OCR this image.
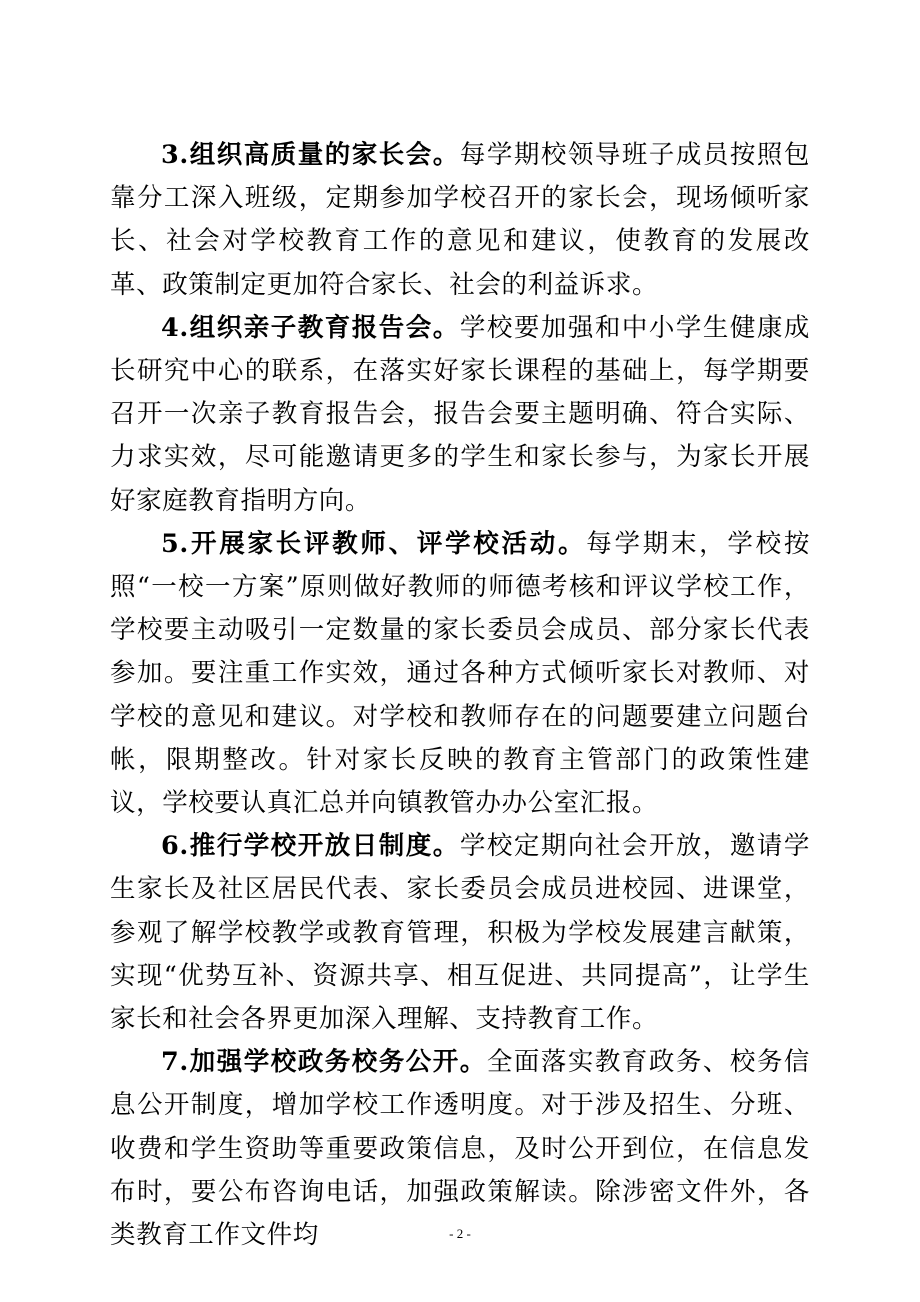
3.组织高质量的家长会。每学期校领导班子成员按照包靠分工深入班级，定期参加学校召开的家长会，现场倾听家长、社会对学校教育工作的意见和建议，使教育的发展改革、政策制定更加符合家长、社会的利益诉求。

4.组织亲子教育报告会。学校要加强和中小学生健康成长研究中心的联系，在落实好家长课程的基础上，每学期要召开一次亲子教育报告会，报告会要主题明确、符合实际、力求实效，尽可能邀请更多的学生和家长参与，为家长开展好家庭教育指明方向。

5.开展家长评教师、评学校活动。每学期末，学校按照“一校一方案”原则做好教师的师德考核和评议学校工作，学校要主动吸引一定数量的家长委员会成员、部分家长代表参加。要注重工作实效，通过各种方式倾听家长对教师、对学校的意见和建议。对学校和教师存在的问题要建立问题台帐，限期整改。针对家长反映的教育主管部门的政策性建议，学校要认真汇总并向镇教管办办公室汇报。

6.推行学校开放日制度。学校定期向社会开放，邀请学生家长及社区居民代表、家长委员会成员进校园、进课堂，参观了解学校教学或教育管理，积极为学校发展建言献策，实现“优势互补、资源共享、相互促进、共同提高”，让学生家长和社会各界更加深入理解、支持教育工作。

7.加强学校政务校务公开。全面落实教育政务、校务信息公开制度，增加学校工作透明度。对于涉及招生、分班、收费和学生资助等重要政策信息，及时公开到位，在信息发布时，要公布咨询电话，加强政策解读。除涉密文件外，各类教育工作文件均	- 2 -
